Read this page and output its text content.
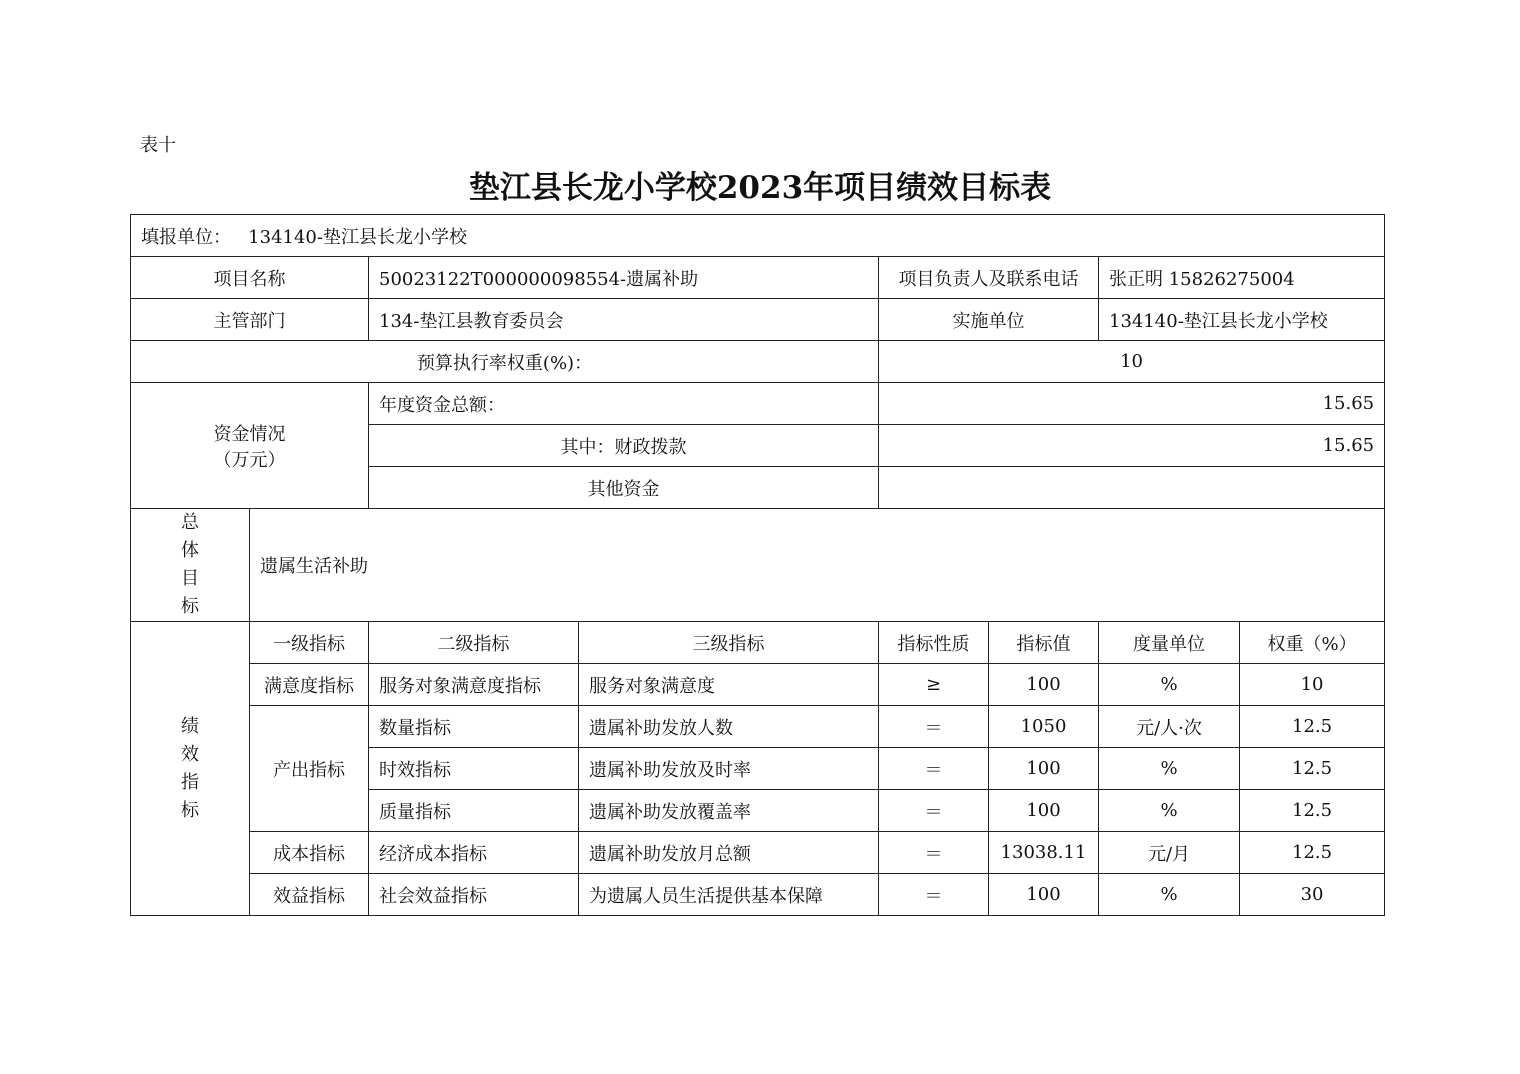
表十
垫江县长龙小学校2023年项目绩效目标表
填报单位： 134140-垫江县长龙小学校							
项目名称		50023122T000000098554-遗属补助		项目负责人及联系电话		张正明 15826275004	
主管部门		134-垫江县教育委员会		实施单位		134140-垫江县长龙小学校	
预算执行率权重(%)：				10			

资金情况
（万元）		年度资金总额：		15.65			
		其中：财政拨款		15.65			
		其他资金					

总
体
目
标	遗属生活补助						

绩
效
指
标	一级指标	二级指标	三级指标	指标性质	指标值	度量单位	权重（%）
	满意度指标	服务对象满意度指标	服务对象满意度	≥	100	%	10
	产出指标	数量指标	遗属补助发放人数	＝	1050	元/人·次	12.5
		时效指标	遗属补助发放及时率	＝	100	%	12.5
		质量指标	遗属补助发放覆盖率	＝	100	%	12.5
	成本指标	经济成本指标	遗属补助发放月总额	＝	13038.11	元/月	12.5
	效益指标	社会效益指标	为遗属人员生活提供基本保障	＝	100	%	30
